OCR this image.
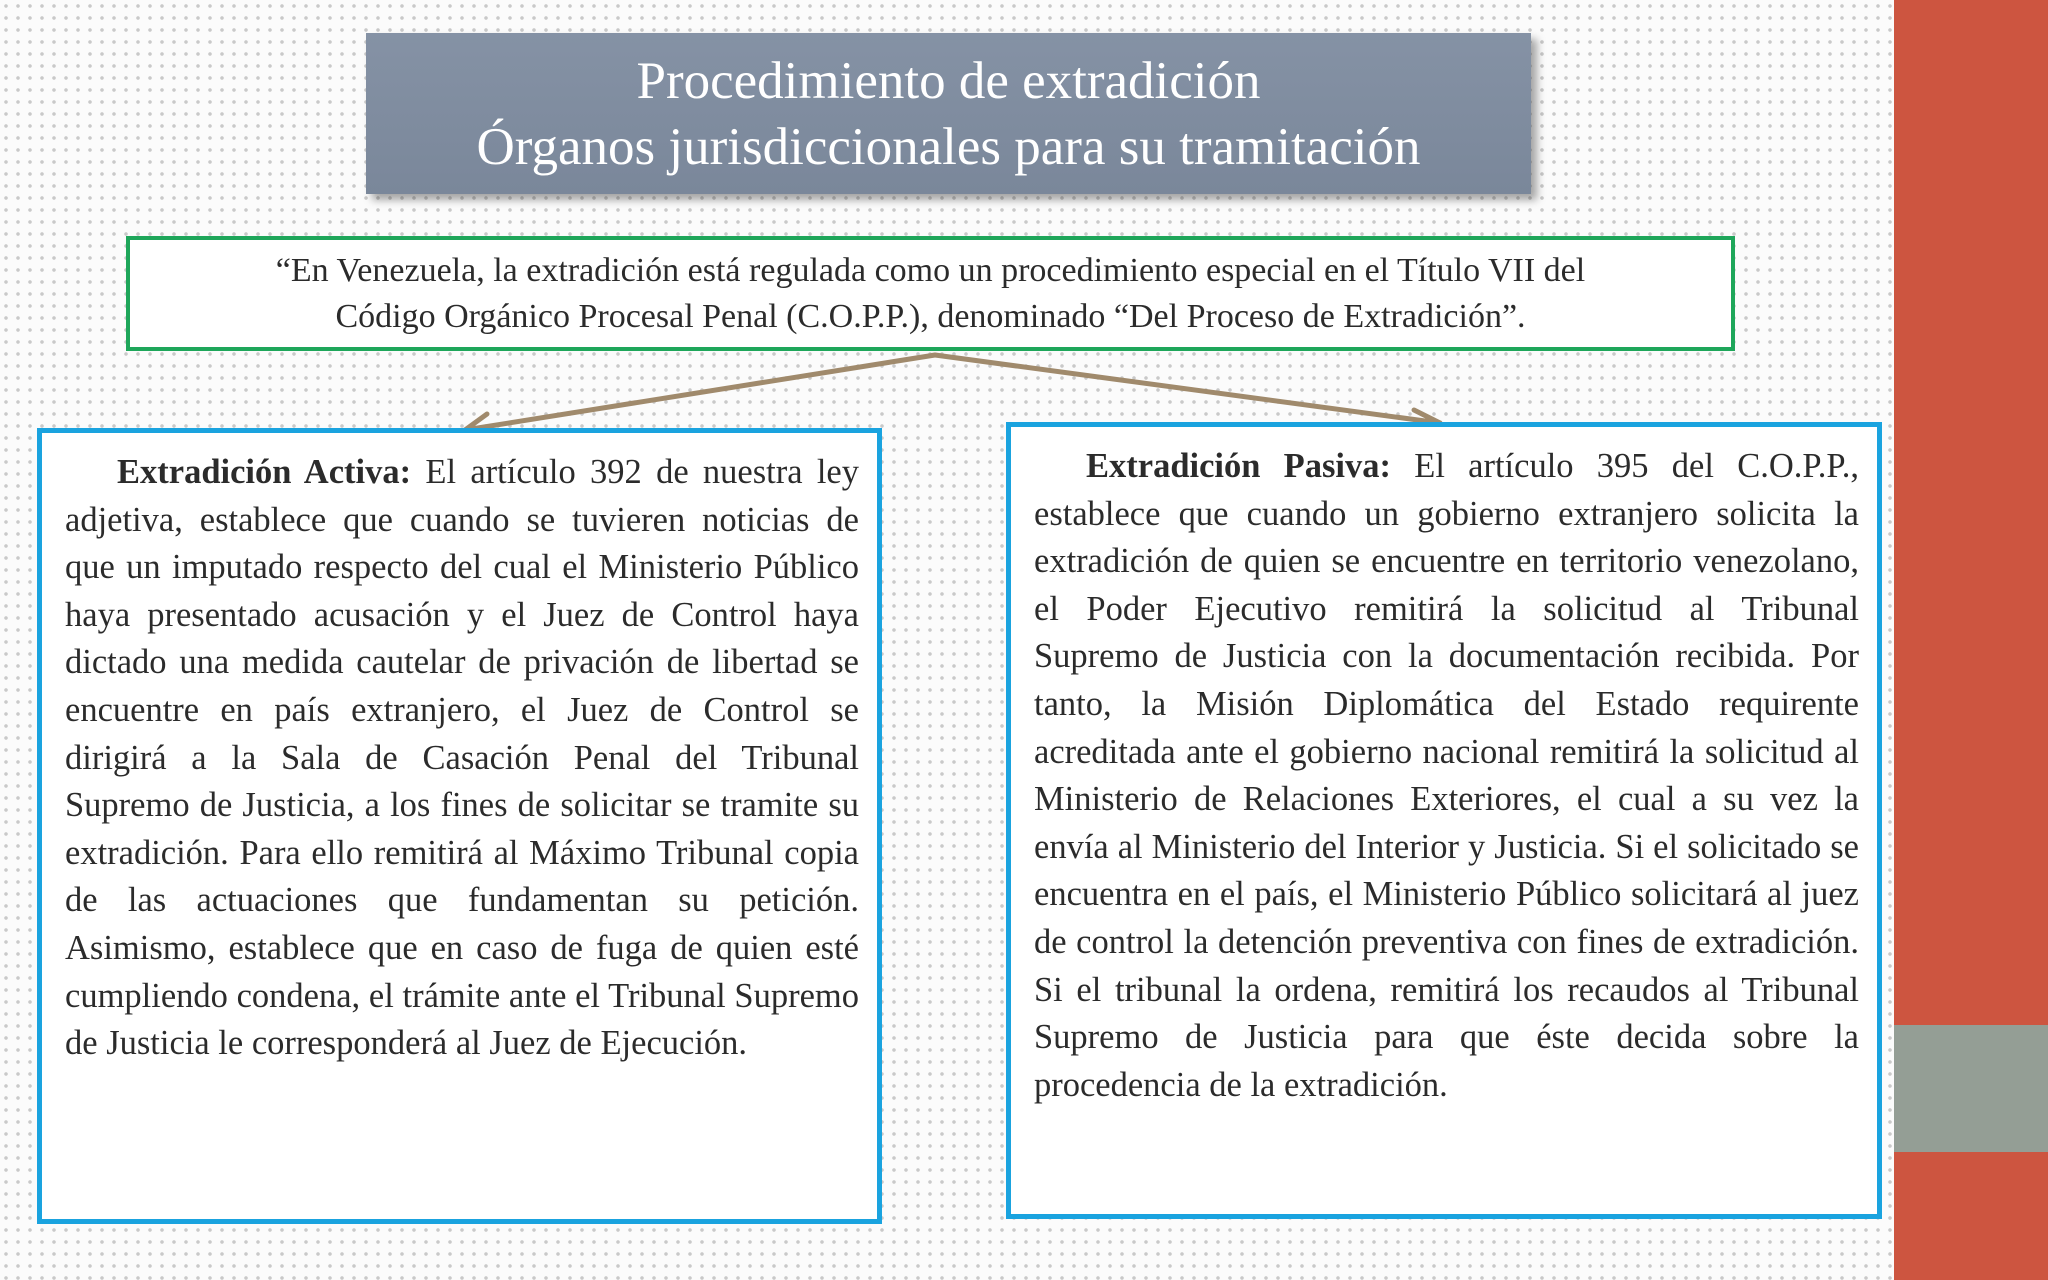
Procedimiento de extradición
Órganos jurisdiccionales para su tramitación
“En Venezuela, la extradición está regulada como un procedimiento especial en el Título VII del
Código Orgánico Procesal Penal (C.O.P.P.), denominado “Del Proceso de Extradición”.

Extradición Activa: El artículo 392 de nuestra ley adjetiva, establece que cuando se tuvieren noticias de que un imputado respecto del cual el Ministerio Público haya presentado acusación y el Juez de Control haya dictado una medida cautelar de privación de libertad se encuentre en país extranjero, el Juez de Control se dirigirá a la Sala de Casación Penal del Tribunal Supremo de Justicia, a los fines de solicitar se tramite su extradición. Para ello remitirá al Máximo Tribunal copia de las actuaciones que fundamentan su petición. Asimismo, establece que en caso de fuga de quien esté cumpliendo condena, el trámite ante el Tribunal Supremo de Justicia le corresponderá al Juez de Ejecución.

Extradición Pasiva: El artículo 395 del C.O.P.P., establece que cuando un gobierno extranjero solicita la extradición de quien se encuentre en territorio venezolano, el Poder Ejecutivo remitirá la solicitud al Tribunal Supremo de Justicia con la documentación recibida. Por tanto, la Misión Diplomática del Estado requirente acreditada ante el gobierno nacional remitirá la solicitud al Ministerio de Relaciones Exteriores, el cual a su vez la envía al Ministerio del Interior y Justicia. Si el solicitado se encuentra en el país, el Ministerio Público solicitará al juez de control la detención preventiva con fines de extradición. Si el tribunal la ordena, remitirá los recaudos al Tribunal Supremo de Justicia para que éste decida sobre la procedencia de la extradición.
